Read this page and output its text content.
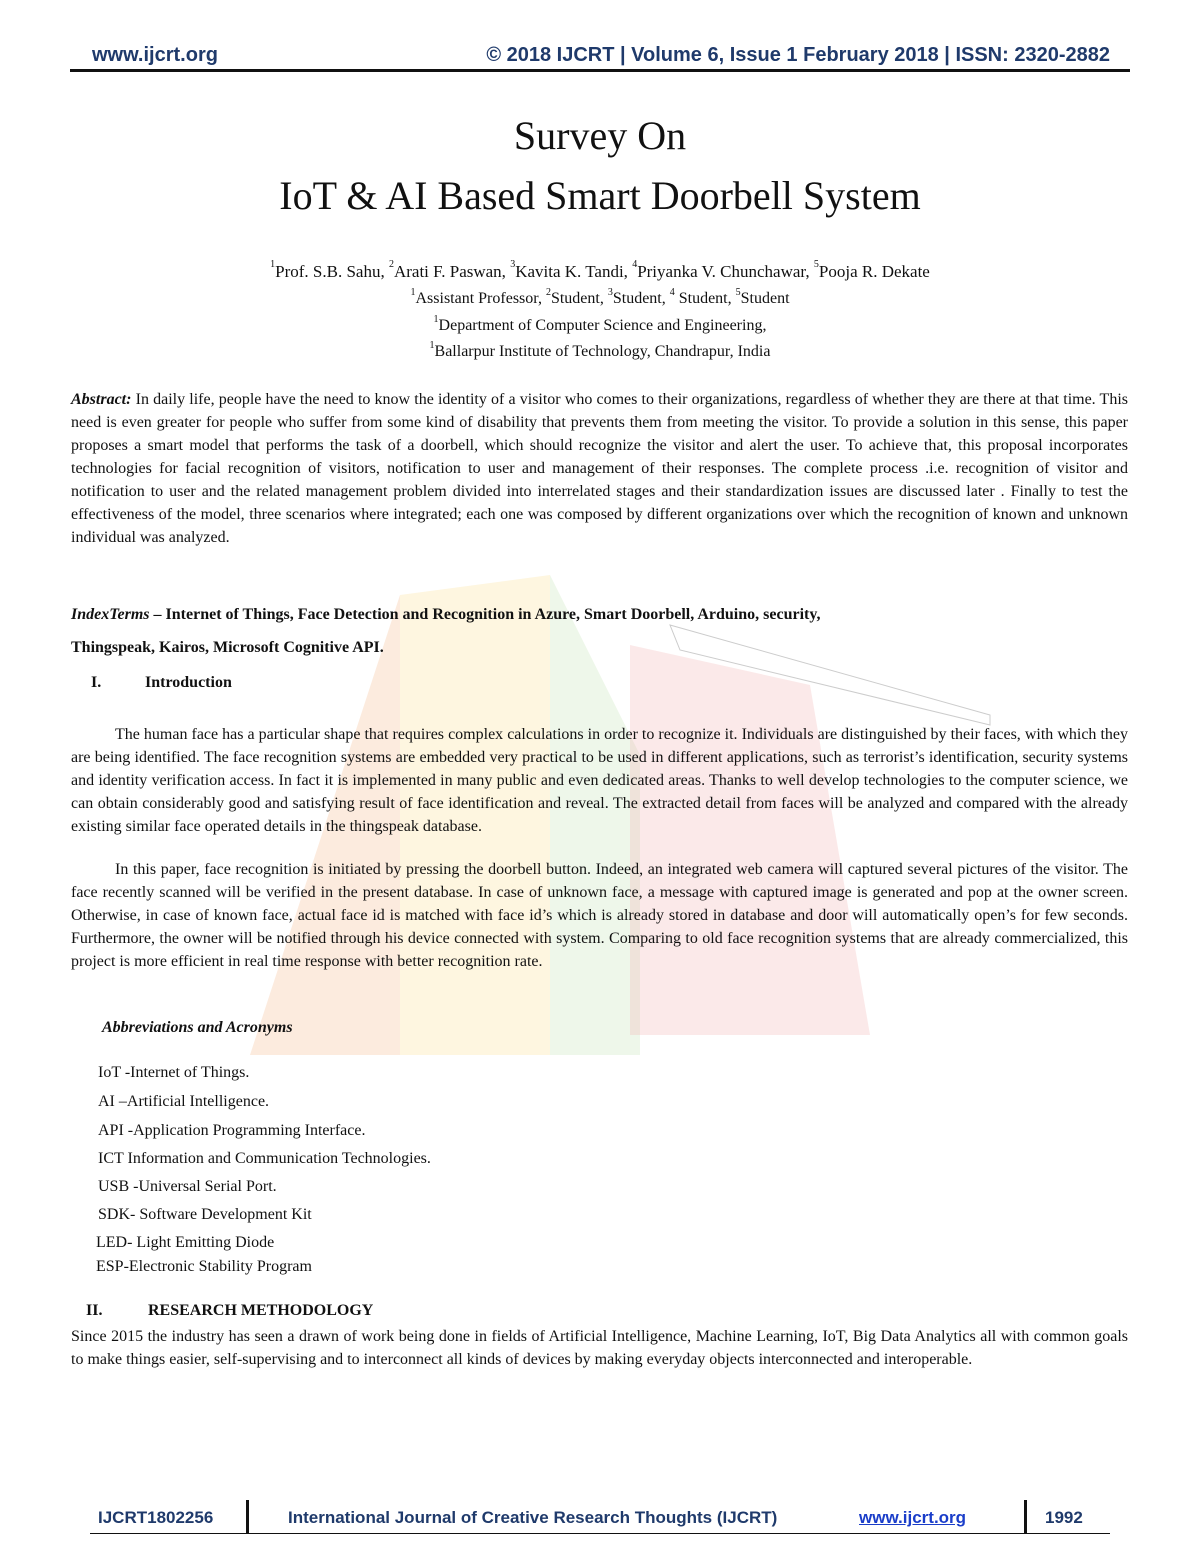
www.ijcrt.org	© 2018 IJCRT | Volume 6, Issue 1 February 2018 | ISSN: 2320-2882
Survey On
IoT & AI Based Smart Doorbell System
$^1$Prof. S.B. Sahu, $^2$Arati F. Paswan, $^3$Kavita K. Tandi, $^4$Priyanka V. Chunchawar, $^5$Pooja R. Dekate
$^1$Assistant Professor, $^2$Student, $^3$Student, $^4$ Student, $^5$Student
$^1$Department of Computer Science and Engineering,
$^1$Ballarpur Institute of Technology, Chandrapur, India
Abstract: In daily life, people have the need to know the identity of a visitor who comes to their organizations, regardless of whether they are there at that time. This need is even greater for people who suffer from some kind of disability that prevents them from meeting the visitor. To provide a solution in this sense, this paper proposes a smart model that performs the task of a doorbell, which should recognize the visitor and alert the user. To achieve that, this proposal incorporates technologies for facial recognition of visitors, notification to user and management of their responses. The complete process .i.e. recognition of visitor and notification to user and the related management problem divided into interrelated stages and their standardization issues are discussed later . Finally to test the effectiveness of the model, three scenarios where integrated; each one was composed by different organizations over which the recognition of known and unknown individual was analyzed.
IndexTerms – Internet of Things, Face Detection and Recognition in Azure, Smart Doorbell, Arduino, security,
Thingspeak, Kairos, Microsoft Cognitive API.
I.	Introduction
The human face has a particular shape that requires complex calculations in order to recognize it. Individuals are distinguished by their faces, with which they are being identified. The face recognition systems are embedded very practical to be used in different applications, such as terrorist’s identification, security systems and identity verification access. In fact it is implemented in many public and even dedicated areas. Thanks to well develop technologies to the computer science, we can obtain considerably good and satisfying result of face identification and reveal. The extracted detail from faces will be analyzed and compared with the already existing similar face operated details in the thingspeak database.
In this paper, face recognition is initiated by pressing the doorbell button. Indeed, an integrated web camera will captured several pictures of the visitor. The face recently scanned will be verified in the present database. In case of unknown face, a message with captured image is generated and pop at the owner screen. Otherwise, in case of known face, actual face id is matched with face id’s which is already stored in database and door will automatically open’s for few seconds. Furthermore, the owner will be notified through his device connected with system. Comparing to old face recognition systems that are already commercialized, this project is more efficient in real time response with better recognition rate.
Abbreviations and Acronyms
IoT -Internet of Things.
AI –Artificial Intelligence.
API -Application Programming Interface.
ICT Information and Communication Technologies.
USB -Universal Serial Port.
SDK- Software Development Kit
LED- Light Emitting Diode
ESP-Electronic Stability Program
II.	RESEARCH METHODOLOGY
Since 2015 the industry has seen a drawn of work being done in fields of Artificial Intelligence, Machine Learning, IoT, Big Data Analytics all with common goals to make things easier, self-supervising and to interconnect all kinds of devices by making everyday objects interconnected and interoperable.
IJCRT1802256	International Journal of Creative Research Thoughts (IJCRT)	www.ijcrt.org	1992
